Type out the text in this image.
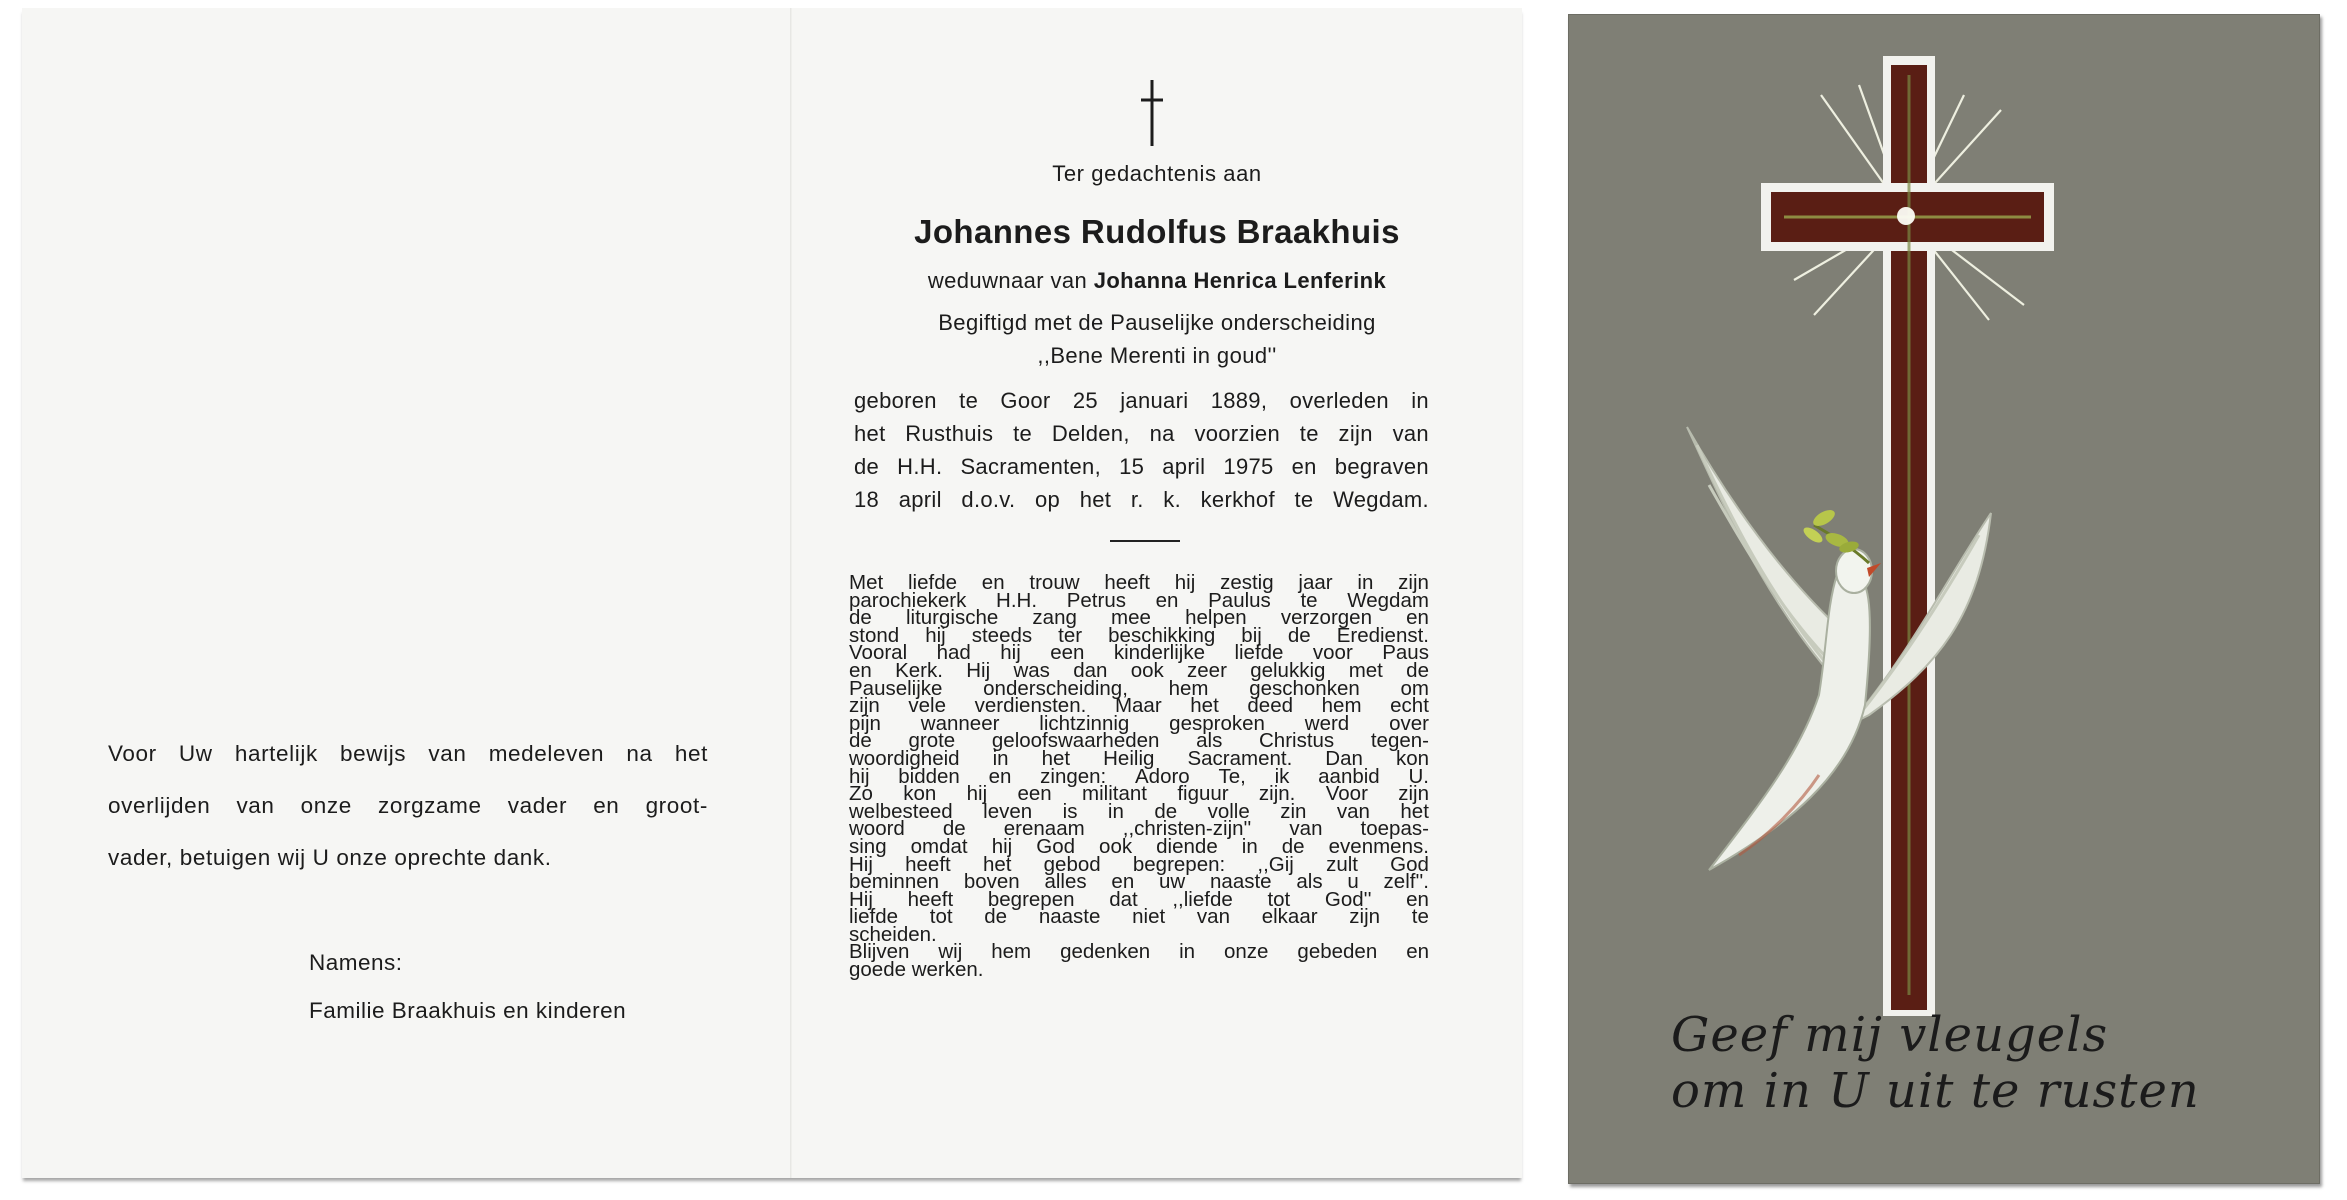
Voor Uw hartelijk bewijs van medeleven na het
overlijden van onze zorgzame vader en groot-
vader, betuigen wij U onze oprechte dank.
Namens:
Familie Braakhuis en kinderen
Ter gedachtenis aan
Johannes Rudolfus Braakhuis
weduwnaar van Johanna Henrica Lenferink
Begiftigd met de Pauselijke onderscheiding
,,Bene Merenti in goud''
geboren te Goor 25 januari 1889, overleden in
het Rusthuis te Delden, na voorzien te zijn van
de H.H. Sacramenten, 15 april 1975 en begraven
18 april d.o.v. op het r. k. kerkhof te Wegdam.
Met liefde en trouw heeft hij zestig jaar in zijn
parochiekerk H.H. Petrus en Paulus te Wegdam
de liturgische zang mee helpen verzorgen en
stond hij steeds ter beschikking bij de Eredienst.
Vooral had hij een kinderlijke liefde voor Paus
en Kerk. Hij was dan ook zeer gelukkig met de
Pauselijke onderscheiding, hem geschonken om
zijn vele verdiensten. Maar het deed hem echt
pijn wanneer lichtzinnig gesproken werd over
de grote geloofswaarheden als Christus tegen-
woordigheid in het Heilig Sacrament. Dan kon
hij bidden en zingen: Adoro Te, ik aanbid U.
Zo kon hij een militant figuur zijn. Voor zijn
welbesteed leven is in de volle zin van het
woord de erenaam ,,christen-zijn'' van toepas-
sing omdat hij God ook diende in de evenmens.
Hij heeft het gebod begrepen: ,,Gij zult God
beminnen boven alles en uw naaste als u zelf''.
Hij heeft begrepen dat ,,liefde tot God'' en
liefde tot de naaste niet van elkaar zijn te
scheiden.
Blijven wij hem gedenken in onze gebeden en
goede werken.
Geef mij vleugels
om in U uit te rusten
